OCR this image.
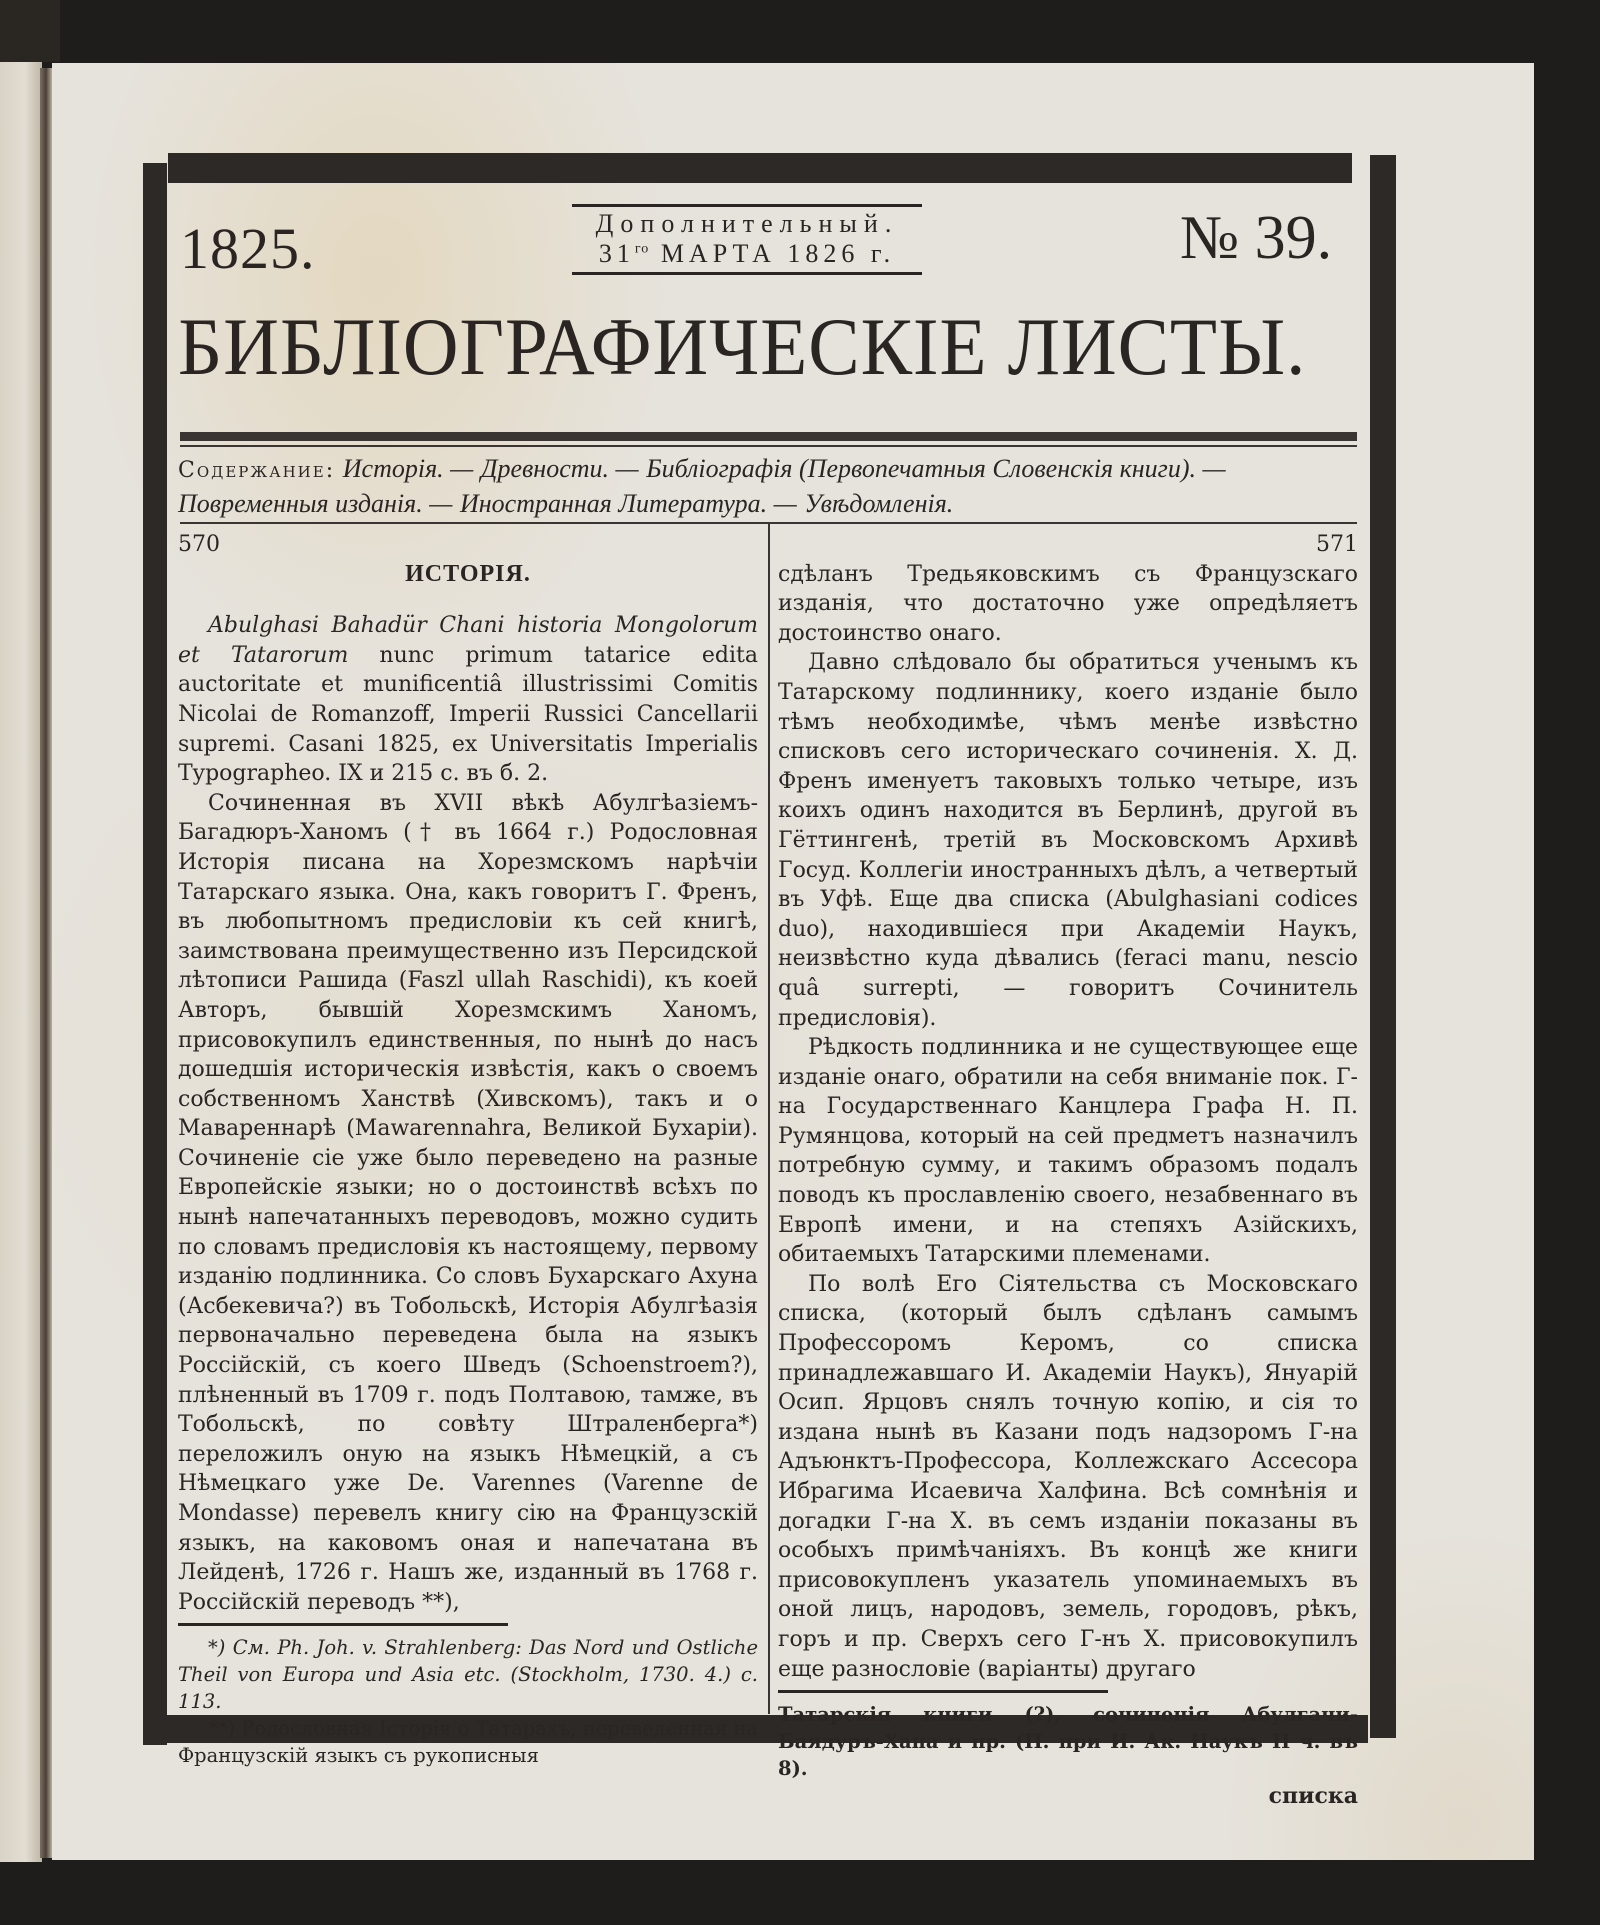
1825.	Дополнительный.
$31^{го}$ МАРТА 1826 г.	№ 39.
БИБЛІОГРАФИЧЕСКІЕ ЛИСТЫ.
Содержание: Исторія. — Древности. — Библіографія (Первопечатныя Словенскія книги). — Повременныя изданія. — Иностранная Литература. — Увѣдомленія.
570
ИСТОРІЯ.

Abulghasi Bahadür Chani historia Mongolorum et Tatarorum nunc primum tatarice edita auctoritate et munificentiâ illustrissimi Comitis Nicolai de Romanzoff, Imperii Russici Cancellarii supremi. Casani 1825, ex Universitatis Imperialis Typographeo. IX и 215 с. въ б. 2.

Сочиненная въ XVII вѣкѣ Абулгѣазіемъ-Багадюръ-Ханомъ († въ 1664 г.) Родословная Исторія писана на Хорезмскомъ нарѣчіи Татарскаго языка. Она, какъ говоритъ Г. Френъ, въ любопытномъ предисловіи къ сей книгѣ, заимствована преимущественно изъ Персидской лѣтописи Рашида (Faszl ullah Raschidi), къ коей Авторъ, бывшій Хорезмскимъ Ханомъ, присовокупилъ единственныя, по нынѣ до насъ дошедшія историческія извѣстія, какъ о своемъ собственномъ Ханствѣ (Хивскомъ), такъ и о Мавареннарѣ (Mawarennahra, Великой Бухаріи). Сочиненіе сіе уже было переведено на разные Европейскіе языки; но о достоинствѣ всѣхъ по нынѣ напечатанныхъ переводовъ, можно судить по словамъ предисловія къ настоящему, первому изданію подлинника. Со словъ Бухарскаго Ахуна (Асбекевича?) въ Тобольскѣ, Исторія Абулгѣазія первоначально переведена была на языкъ Россійскій, съ коего Шведъ (Schoenstroem?), плѣненный въ 1709 г. подъ Полтавою, тамже, въ Тобольскѣ, по совѣту Штраленберга*) переложилъ оную на языкъ Нѣмецкій, а съ Нѣмецкаго уже De. Varennes (Varenne de Mondasse) перевелъ книгу сію на Французскій языкъ, на каковомъ оная и напечатана въ Лейденѣ, 1726 г. Нашъ же, изданный въ 1768 г. Россійскій переводъ **),

*) См. Ph. Joh. v. Strahlenberg: Das Nord und Ostliche Theil von Europa und Asia etc. (Stockholm, 1730. 4.) с. 113.

**) Родословная Історія о Татарахъ, переведенная на Французскій языкъ съ рукописныя

571

сдѣланъ Тредьяковскимъ съ Французскаго изданія, что достаточно уже опредѣляетъ достоинство онаго.

Давно слѣдовало бы обратиться ученымъ къ Татарскому подлиннику, коего изданіе было тѣмъ необходимѣе, чѣмъ менѣе извѣстно списковъ сего историческаго сочиненія. Х. Д. Френъ именуетъ таковыхъ только четыре, изъ коихъ одинъ находится въ Берлинѣ, другой въ Гёттингенѣ, третій въ Московскомъ Архивѣ Госуд. Коллегіи иностранныхъ дѣлъ, а четвертый въ Уфѣ. Еще два списка (Abulghasiani codices duo), находившіеся при Академіи Наукъ, неизвѣстно куда дѣвались (feraci manu, nescio quâ surrepti, — говоритъ Сочинитель предисловія).

Рѣдкость подлинника и не существующее еще изданіе онаго, обратили на себя вниманіе пок. Г-на Государственнаго Канцлера Графа Н. П. Румянцова, который на сей предметъ назначилъ потребную сумму, и такимъ образомъ подалъ поводъ къ прославленію своего, незабвеннаго въ Европѣ имени, и на степяхъ Азійскихъ, обитаемыхъ Татарскими племенами.

По волѣ Его Сіятельства съ Московскаго списка, (который былъ сдѣланъ самымъ Профессоромъ Керомъ, со списка принадлежавшаго И. Академіи Наукъ), Януарій Осип. Ярцовъ снялъ точную копію, и сія то издана нынѣ въ Казани подъ надзоромъ Г-на Адъюнктъ-Профессора, Коллежскаго Ассесора Ибрагима Исаевича Халфина. Всѣ сомнѣнія и догадки Г-на Х. въ семъ изданіи показаны въ особыхъ примѣчаніяхъ. Въ концѣ же книги присовокупленъ указатель упоминаемыхъ въ оной лицъ, народовъ, земель, городовъ, рѣкъ, горъ и пр. Сверхъ сего Г-нъ Х. присовокупилъ еще разнословіе (варіанты) другаго

Татарскія книги (?), сочиненія Абулгачи-Баядуръ-Хана и пр. (П. при И. Ак. Наукъ II ч. въ 8).

списка
